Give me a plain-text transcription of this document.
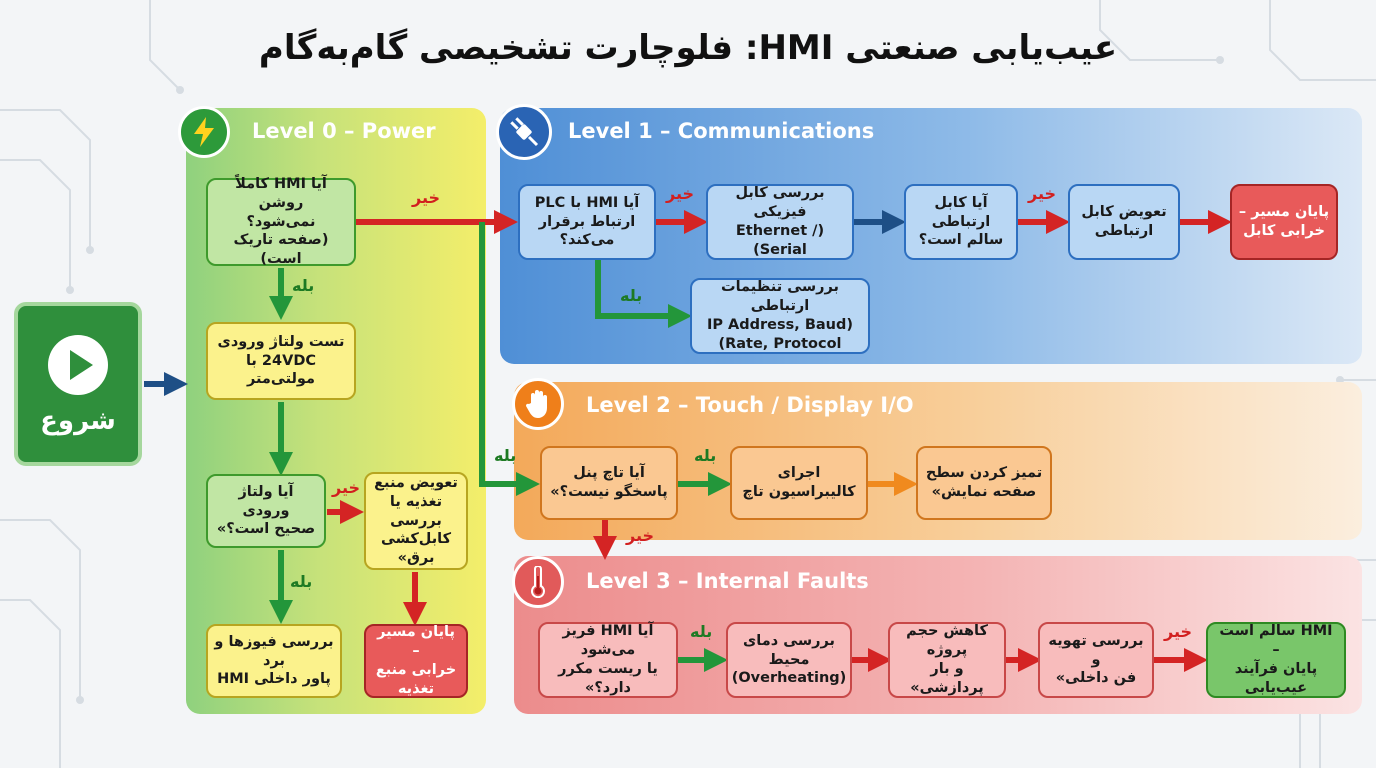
عیب‌یابی صنعتی HMI: فلوچارت تشخیصی گام‌به‌گام
Level 0 – Power	Level 1 – Communications
Level 2 – Touch / Display I/O
Level 3 – Internal Faults
شروع
آیا HMI کاملاً روشن
نمی‌شود؟
(صفحه تاریک است)
تست ولتاژ ورودی
24VDC با مولتی‌متر
آیا ولتاژ ورودی
صحیح است؟»
تعویض منبع
تغذیه یا بررسی
کابل‌کشی برق»
بررسی فیوزها و برد
پاور داخلی HMI
پایان مسیر –
خرابی منبع
تغذیه
آیا HMI با PLC
ارتباط برقرار می‌کند؟
بررسی کابل فیزیکی
(Ethernet / Serial)
آیا کابل ارتباطی
سالم است؟
تعویض کابل
ارتباطی
پایان مسیر –
خرابی کابل
بررسی تنظیمات ارتباطی
(IP Address, Baud
Rate, Protocol)
آیا تاچ پنل
پاسخگو نیست؟»
اجرای
کالیبراسیون تاچ
تمیز کردن سطح
صفحه نمایش»
آیا HMI فریز می‌شود
یا ریست مکرر دارد؟»
بررسی دمای محیط
(Overheating)
کاهش حجم پروژه
و بار پردازشی»
بررسی تهویه و
فن داخلی»
HMI سالم است –
پایان فرآیند عیب‌یابی
بله
خیر
خیر
بله
بله
خیر	خیر
بله
بله
خیر
بله	خیر
